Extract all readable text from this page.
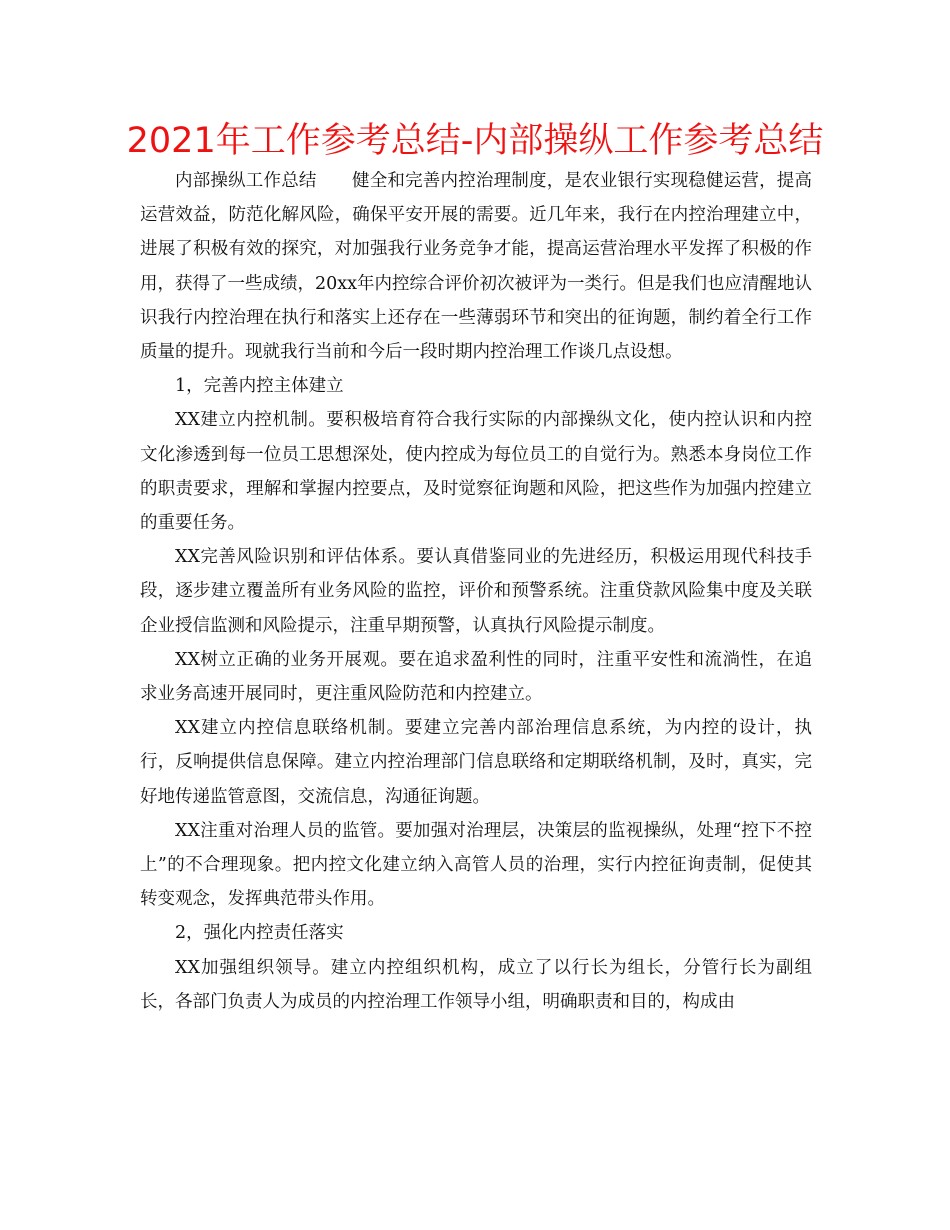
2021年工作参考总结-内部操纵工作参考总结

内部操纵工作总结　　健全和完善内控治理制度，是农业银行实现稳健运营，提高运营效益，防范化解风险，确保平安开展的需要。近几年来，我行在内控治理建立中，进展了积极有效的探究，对加强我行业务竞争才能，提高运营治理水平发挥了积极的作用，获得了一些成绩，20xx年内控综合评价初次被评为一类行。但是我们也应清醒地认识我行内控治理在执行和落实上还存在一些薄弱环节和突出的征询题，制约着全行工作质量的提升。现就我行当前和今后一段时期内控治理工作谈几点设想。

1，完善内控主体建立

XX建立内控机制。要积极培育符合我行实际的内部操纵文化，使内控认识和内控文化渗透到每一位员工思想深处，使内控成为每位员工的自觉行为。熟悉本身岗位工作的职责要求，理解和掌握内控要点，及时觉察征询题和风险，把这些作为加强内控建立的重要任务。

XX完善风险识别和评估体系。要认真借鉴同业的先进经历，积极运用现代科技手段，逐步建立覆盖所有业务风险的监控，评价和预警系统。注重贷款风险集中度及关联企业授信监测和风险提示，注重早期预警，认真执行风险提示制度。

XX树立正确的业务开展观。要在追求盈利性的同时，注重平安性和流淌性，在追求业务高速开展同时，更注重风险防范和内控建立。

XX建立内控信息联络机制。要建立完善内部治理信息系统，为内控的设计，执行，反响提供信息保障。建立内控治理部门信息联络和定期联络机制，及时，真实，完好地传递监管意图，交流信息，沟通征询题。

XX注重对治理人员的监管。要加强对治理层，决策层的监视操纵，处理“控下不控上”的不合理现象。把内控文化建立纳入高管人员的治理，实行内控征询责制，促使其转变观念，发挥典范带头作用。

2，强化内控责任落实

XX加强组织领导。建立内控组织机构，成立了以行长为组长，分管行长为副组长，各部门负责人为成员的内控治理工作领导小组，明确职责和目的，构成由
